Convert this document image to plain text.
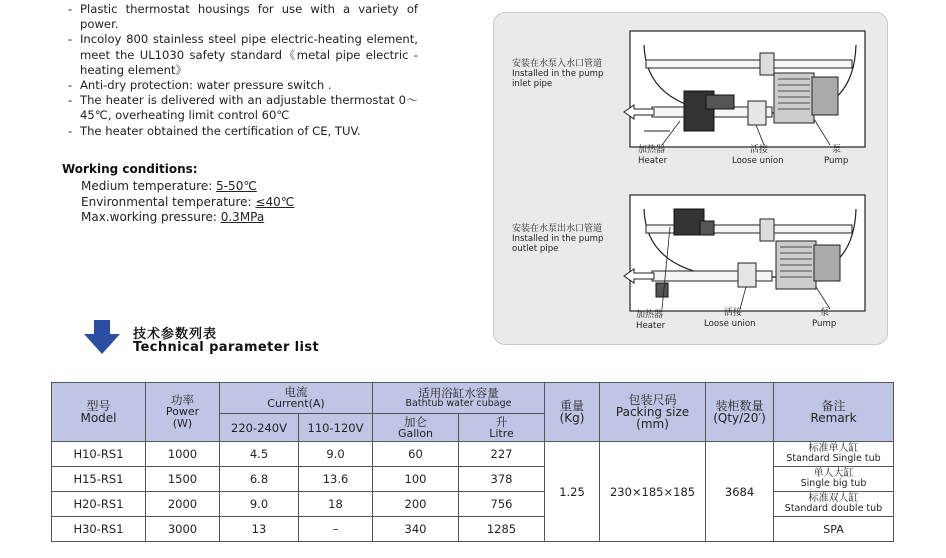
- Plastic thermostat housings for use with a variety of power.
- Incoloy 800 stainless steel pipe electric-heating element, meet the UL1030 safety standard《metal pipe electric -heating element》
- Anti-dry protection: water pressure switch .
- The heater is delivered with an adjustable thermostat 0～45℃, overheating limit control 60℃
- The heater obtained the certification of CE, TUV.
Working conditions:
Medium temperature: 5-50℃
Environmental temperature: ≤40℃
Max.working pressure: 0.3MPa
安装在水泵入水口管道
Installed in the pump
inlet pipe
加热器
Heater
活接
Loose union
泵
Pump
安装在水泵出水口管道
Installed in the pump
outlet pipe
加热器
Heater
活接
Loose union
泵
Pump
技术参数列表
Technical parameter list
型号
Model	功率
Power
(W)	电流
Current(A)		适用浴缸水容量
Bathtub water cubage		重量
(Kg)	包装尺码
Packing size
(mm)	装柜数量
(Qty/20′)	备注
Remark

		220-240V	110-120V	加仑
Gallon	升
Litre				

H10-RS1	1000	4.5	9.0	60	227	1.25	230×185×185	3684	标准单人缸
Standard Single tub

H15-RS1	1500	6.8	13.6	100	378				单人大缸
Single big tub

H20-RS1	2000	9.0	18	200	756				标准双人缸
Standard double tub

H30-RS1	3000	13	–	340	1285				SPA
